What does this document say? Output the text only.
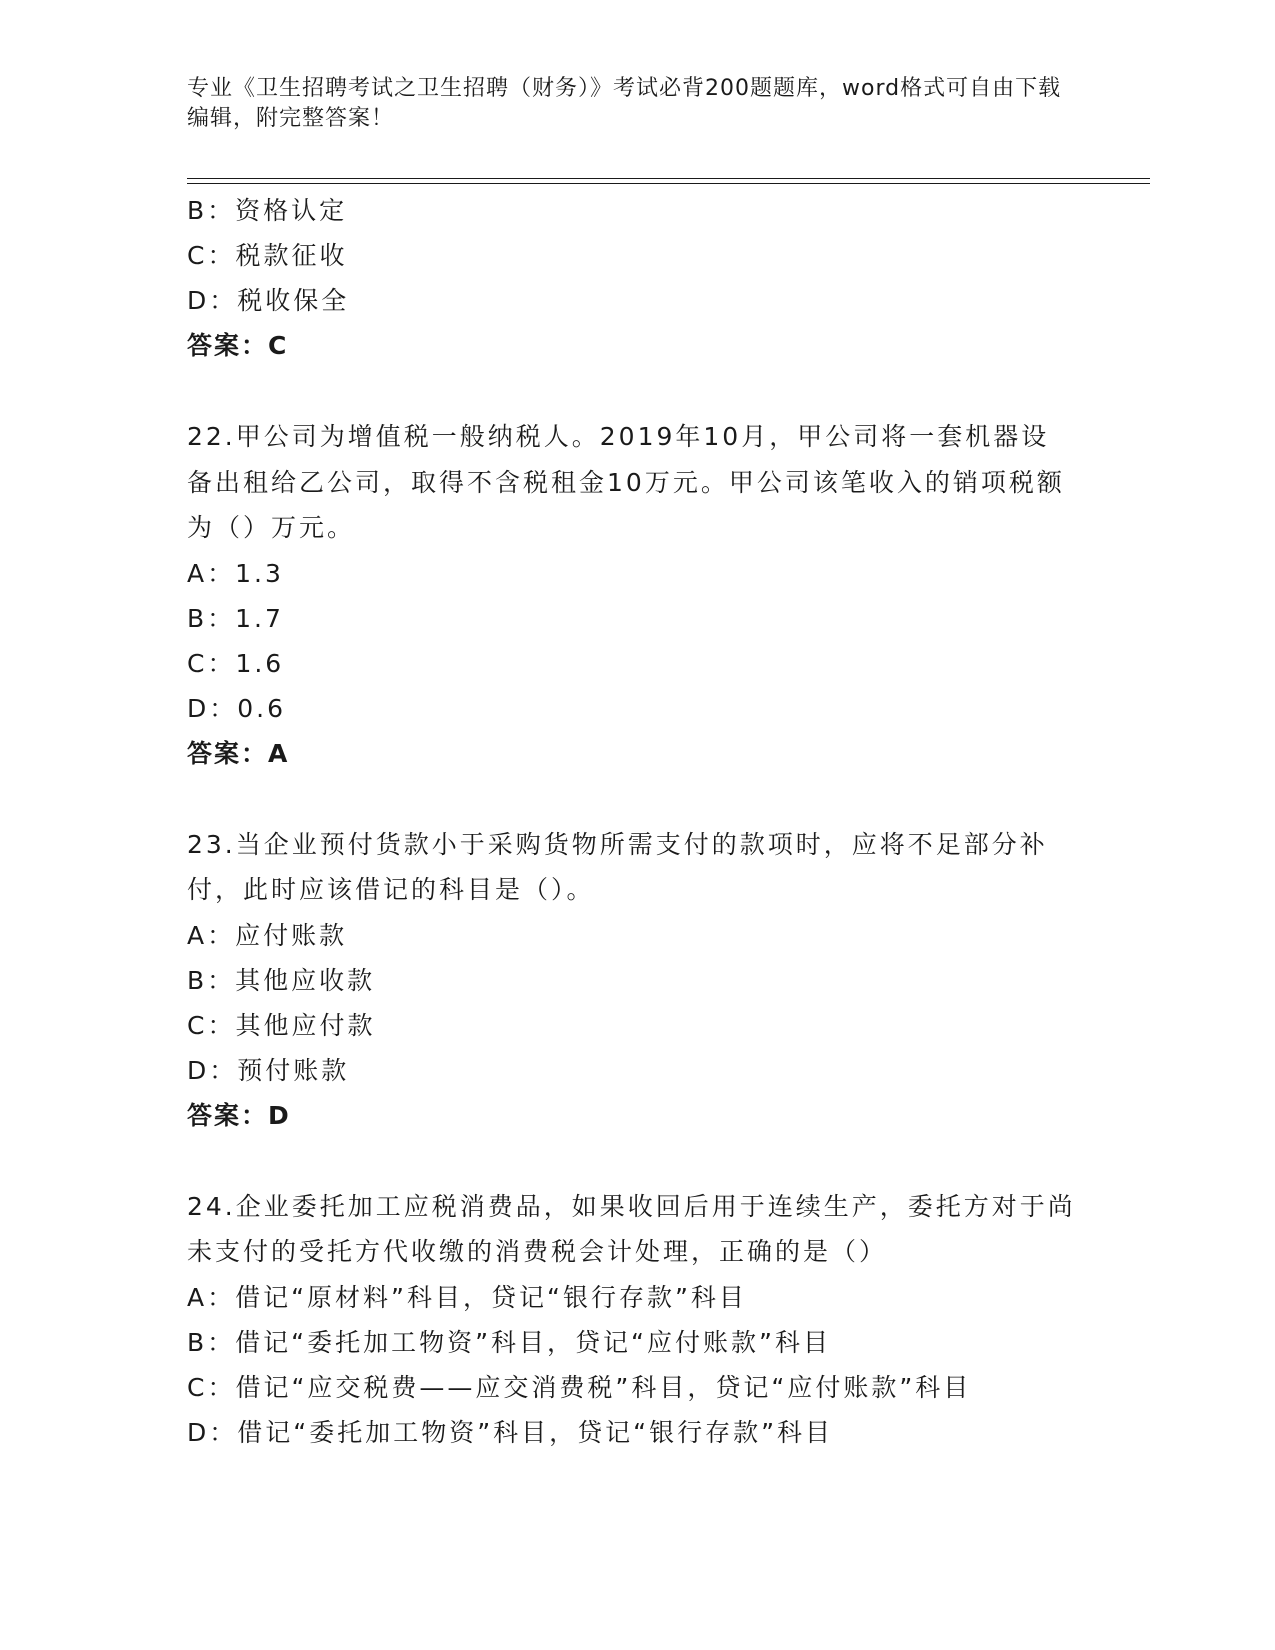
专业《卫生招聘考试之卫生招聘（财务）》考试必背200题题库，word格式可自由下载编辑，附完整答案！
B：资格认定
C：税款征收
D：税收保全
答案：C
22.甲公司为增值税一般纳税人。2019年10月，甲公司将一套机器设备出租给乙公司，取得不含税租金10万元。甲公司该笔收入的销项税额为（）万元。
A：1.3
B：1.7
C：1.6
D：0.6
答案：A
23.当企业预付货款小于采购货物所需支付的款项时，应将不足部分补付，此时应该借记的科目是（）。
A：应付账款
B：其他应收款
C：其他应付款
D：预付账款
答案：D
24.企业委托加工应税消费品，如果收回后用于连续生产，委托方对于尚未支付的受托方代收缴的消费税会计处理，正确的是（）
A：借记“原材料”科目，贷记“银行存款”科目
B：借记“委托加工物资”科目，贷记“应付账款”科目
C：借记“应交税费——应交消费税”科目，贷记“应付账款”科目
D：借记“委托加工物资”科目，贷记“银行存款”科目
